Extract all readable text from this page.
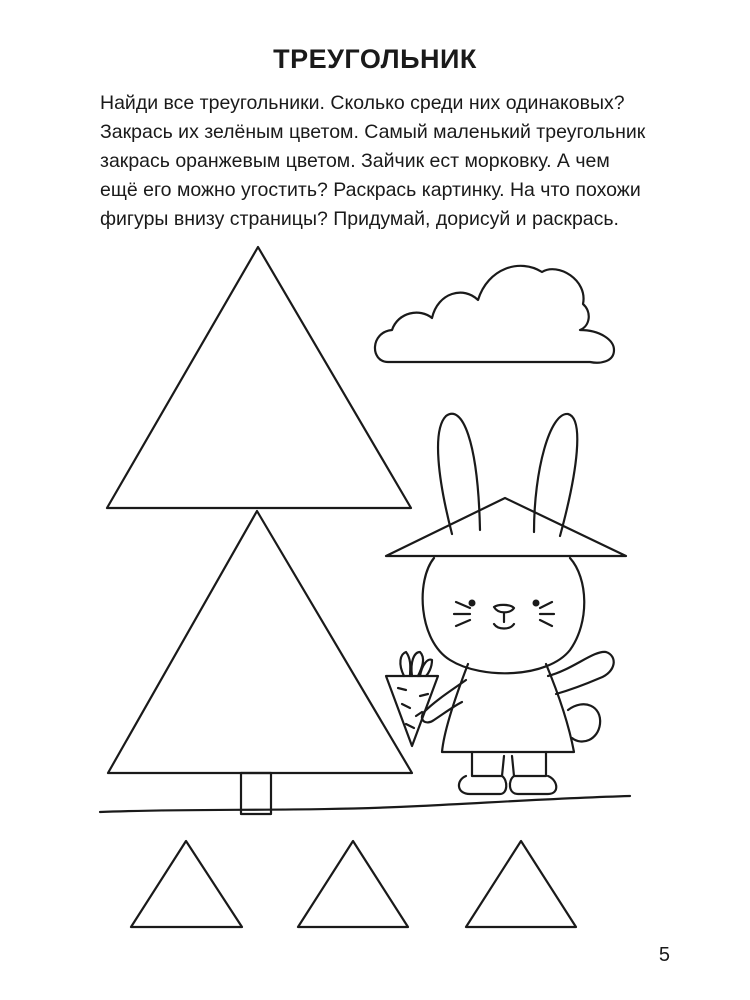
ТРЕУГОЛЬНИК
Найди все треугольники. Сколько среди них одинаковых?
Закрась их зелёным цветом. Самый маленький треугольник
закрась оранжевым цветом. Зайчик ест морковку. А чем
ещё его можно угостить? Раскрась картинку. На что похожи
фигуры внизу страницы? Придумай, дорисуй и раскрась.
5
